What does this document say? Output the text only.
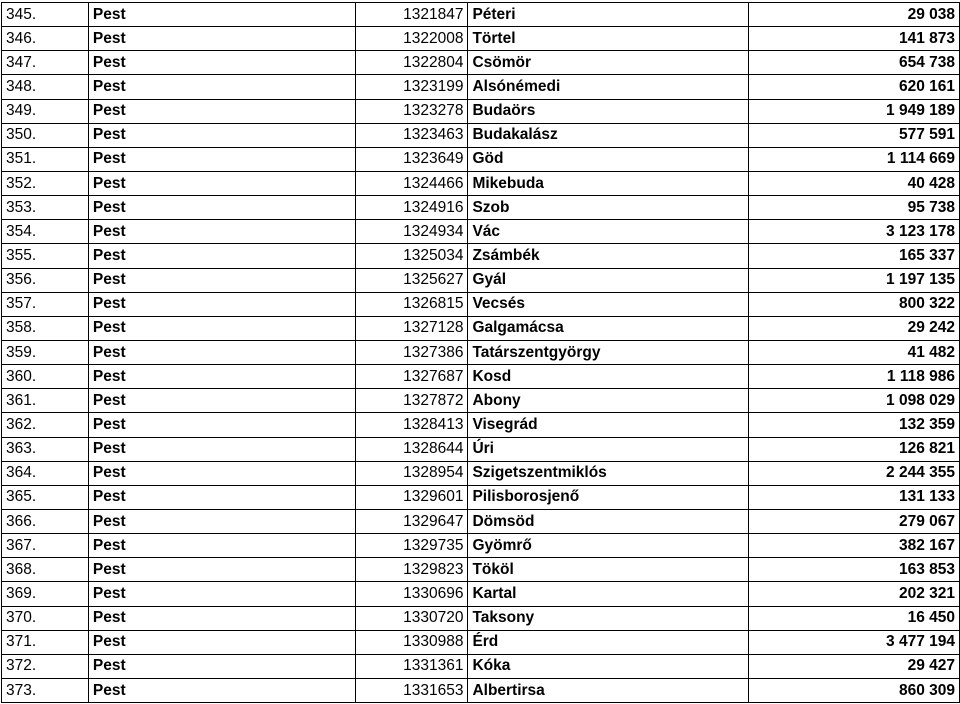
345.	Pest	1321847	Péteri	29 038
346.	Pest	1322008	Törtel	141 873
347.	Pest	1322804	Csömör	654 738
348.	Pest	1323199	Alsónémedi	620 161
349.	Pest	1323278	Budaörs	1 949 189
350.	Pest	1323463	Budakalász	577 591
351.	Pest	1323649	Göd	1 114 669
352.	Pest	1324466	Mikebuda	40 428
353.	Pest	1324916	Szob	95 738
354.	Pest	1324934	Vác	3 123 178
355.	Pest	1325034	Zsámbék	165 337
356.	Pest	1325627	Gyál	1 197 135
357.	Pest	1326815	Vecsés	800 322
358.	Pest	1327128	Galgamácsa	29 242
359.	Pest	1327386	Tatárszentgyörgy	41 482
360.	Pest	1327687	Kosd	1 118 986
361.	Pest	1327872	Abony	1 098 029
362.	Pest	1328413	Visegrád	132 359
363.	Pest	1328644	Úri	126 821
364.	Pest	1328954	Szigetszentmiklós	2 244 355
365.	Pest	1329601	Pilisborosjenő	131 133
366.	Pest	1329647	Dömsöd	279 067
367.	Pest	1329735	Gyömrő	382 167
368.	Pest	1329823	Tököl	163 853
369.	Pest	1330696	Kartal	202 321
370.	Pest	1330720	Taksony	16 450
371.	Pest	1330988	Érd	3 477 194
372.	Pest	1331361	Kóka	29 427
373.	Pest	1331653	Albertirsa	860 309
